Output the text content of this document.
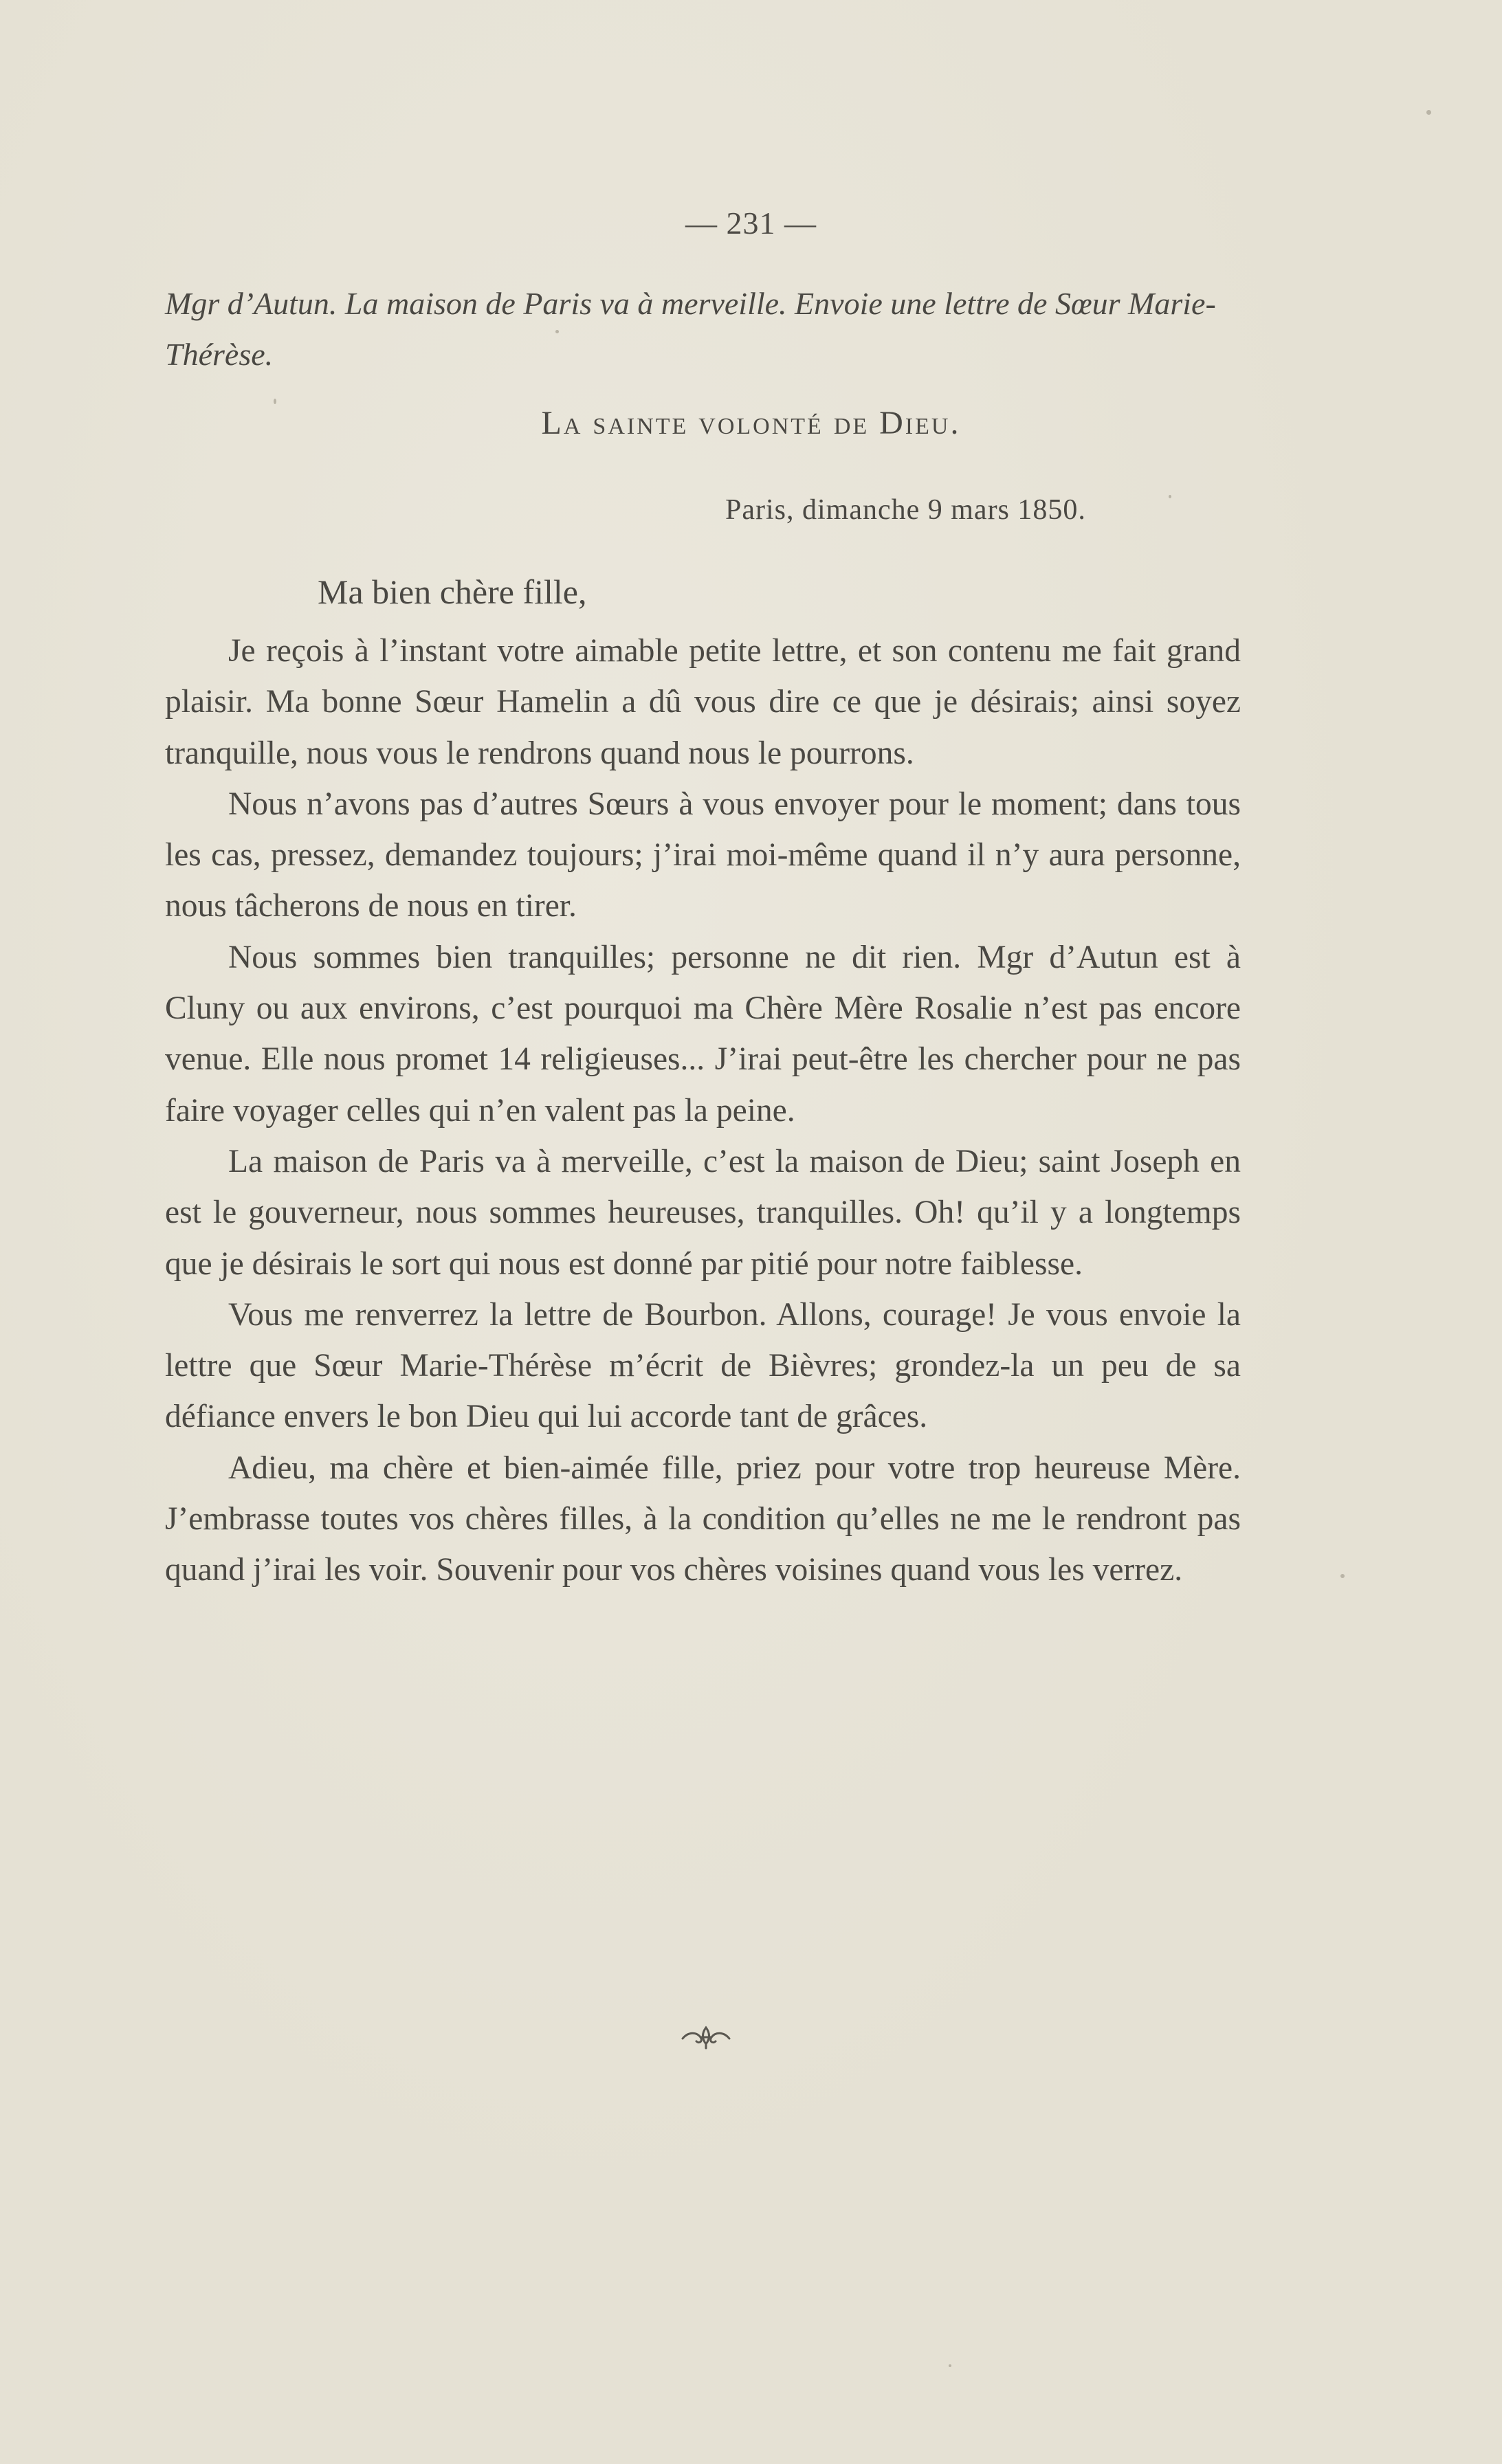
— 231 —
Mgr d’Autun. La maison de Paris va à merveille. Envoie une lettre de Sœur Marie-Thérèse.
La sainte volonté de Dieu.
Paris, dimanche 9 mars 1850.
Ma bien chère fille,

Je reçois à l’instant votre aimable petite lettre, et son contenu me fait grand plaisir. Ma bonne Sœur Hamelin a dû vous dire ce que je désirais; ainsi soyez tranquille, nous vous le rendrons quand nous le pourrons.

Nous n’avons pas d’autres Sœurs à vous envoyer pour le moment; dans tous les cas, pressez, demandez toujours; j’irai moi-même quand il n’y aura personne, nous tâcherons de nous en tirer.

Nous sommes bien tranquilles; personne ne dit rien. Mgr d’Autun est à Cluny ou aux environs, c’est pourquoi ma Chère Mère Rosalie n’est pas encore venue. Elle nous promet 14 religieuses... J’irai peut-être les chercher pour ne pas faire voyager celles qui n’en valent pas la peine.

La maison de Paris va à merveille, c’est la maison de Dieu; saint Joseph en est le gouverneur, nous sommes heureuses, tranquilles. Oh! qu’il y a longtemps que je désirais le sort qui nous est donné par pitié pour notre faiblesse.

Vous me renverrez la lettre de Bourbon. Allons, courage! Je vous envoie la lettre que Sœur Marie-Thérèse m’écrit de Bièvres; grondez-la un peu de sa défiance envers le bon Dieu qui lui accorde tant de grâces.

Adieu, ma chère et bien-aimée fille, priez pour votre trop heureuse Mère. J’embrasse toutes vos chères filles, à la condition qu’elles ne me le rendront pas quand j’irai les voir. Souvenir pour vos chères voisines quand vous les verrez.
